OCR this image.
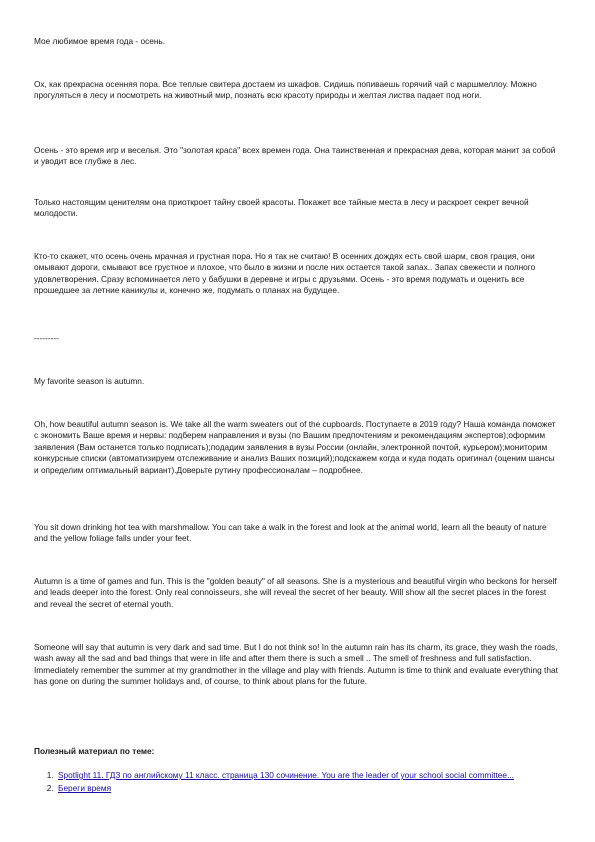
Мое любимое время года - осень.

Ох, как прекрасна осенняя пора. Все теплые свитера достаем из шкафов. Сидишь попиваешь горячий чай с маршмеллоу. Можно прогуляться в лесу и посмотреть на животный мир, познать всю красоту природы и желтая листва падает под ноги.

Осень - это время игр и веселья. Это "золотая краса" всех времен года. Она таинственная и прекрасная дева, которая манит за собой и уводит все глубже в лес.

Только настоящим ценителям она приоткроет тайну своей красоты. Покажет все тайные места в лесу и раскроет секрет вечной молодости.

Кто-то скажет, что осень очень мрачная и грустная пора. Но я так не считаю! В осенних дождях есть свой шарм, своя грация, они омывают дороги, смывают все грустное и плохое, что было в жизни и после них остается такой запах.. Запах свежести и полного удовлетворения. Сразу вспоминается лето у бабушки в деревне и игры с друзьями. Осень - это время подумать и оценить все прошедшее за летние каникулы и, конечно же, подумать о планах на будущее.

---------

My favorite season is autumn.

Oh, how beautiful autumn season is. We take all the warm sweaters out of the cupboards. Поступаете в 2019 году? Наша команда поможет с экономить Ваше время и нервы: подберем направления и вузы (по Вашим предпочтениям и рекомендациям экспертов);оформим заявления (Вам останется только подписать);подадим заявления в вузы России (онлайн, электронной почтой, курьером);мониторим конкурсные списки (автоматизируем отслеживание и анализ Ваших позиций);подскажем когда и куда подать оригинал (оценим шансы и определим оптимальный вариант).Доверьте рутину профессионалам – подробнее.

You sit down drinking hot tea with marshmallow. You can take a walk in the forest and look at the animal world, learn all the beauty of nature and the yellow foliage falls under your feet.

Autumn is a time of games and fun. This is the "golden beauty" of all seasons. She is a mysterious and beautiful virgin who beckons for herself and leads deeper into the forest. Only real connoisseurs, she will reveal the secret of her beauty. Will show all the secret places in the forest and reveal the secret of eternal youth.

Someone will say that autumn is very dark and sad time. But I do not think so! In the autumn rain has its charm, its grace, they wash the roads, wash away all the sad and bad things that were in life and after them there is such a smell .. The smell of freshness and full satisfaction. Immediately remember the summer at my grandmother in the village and play with friends. Autumn is time to think and evaluate everything that has gone on during the summer holidays and, of course, to think about plans for the future.

Полезный материал по теме:

1. Spotlight 11. ГДЗ по английскому 11 класс. страница 130 сочинение. You are the leader of your school social committee...
2. Береги время
